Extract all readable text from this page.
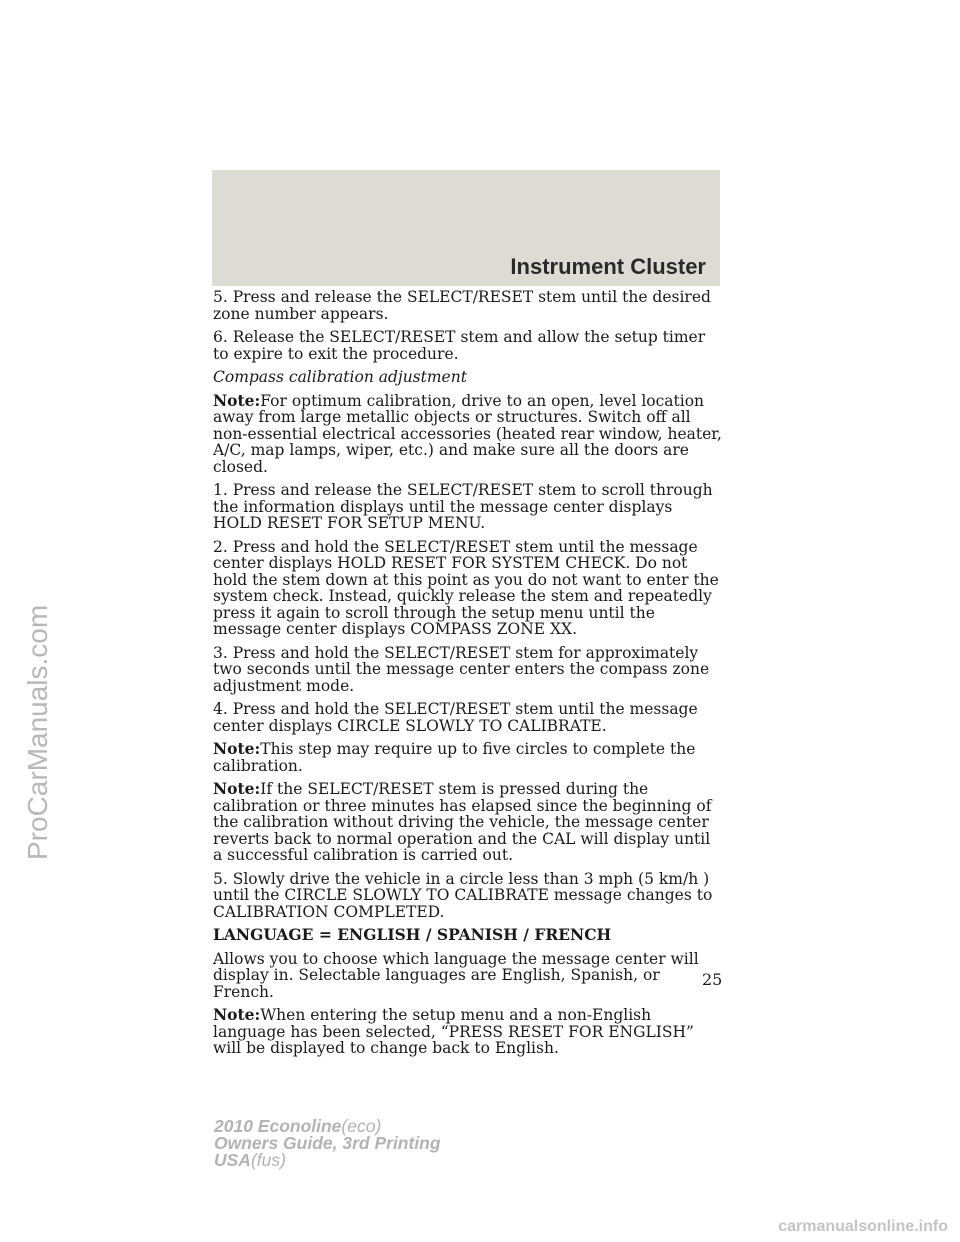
Instrument Cluster

5. Press and release the SELECT/RESET stem until the desired zone number appears.

6. Release the SELECT/RESET stem and allow the setup timer to expire to exit the procedure.

Compass calibration adjustment

Note:For optimum calibration, drive to an open, level location away from large metallic objects or structures. Switch off all non-essential electrical accessories (heated rear window, heater, A/C, map lamps, wiper, etc.) and make sure all the doors are closed.

1. Press and release the SELECT/RESET stem to scroll through the information displays until the message center displays HOLD RESET FOR SETUP MENU.

2. Press and hold the SELECT/RESET stem until the message center displays HOLD RESET FOR SYSTEM CHECK. Do not hold the stem down at this point as you do not want to enter the system check. Instead, quickly release the stem and repeatedly press it again to scroll through the setup menu until the message center displays COMPASS ZONE XX.

3. Press and hold the SELECT/RESET stem for approximately two seconds until the message center enters the compass zone adjustment mode.

4. Press and hold the SELECT/RESET stem until the message center displays CIRCLE SLOWLY TO CALIBRATE.

Note:This step may require up to five circles to complete the calibration.

Note:If the SELECT/RESET stem is pressed during the calibration or three minutes has elapsed since the beginning of the calibration without driving the vehicle, the message center reverts back to normal operation and the CAL will display until a successful calibration is carried out.

5. Slowly drive the vehicle in a circle less than 3 mph (5 km/h ) until the CIRCLE SLOWLY TO CALIBRATE message changes to CALIBRATION COMPLETED.

LANGUAGE = ENGLISH / SPANISH / FRENCH

Allows you to choose which language the message center will display in. Selectable languages are English, Spanish, or French.

Note:When entering the setup menu and a non-English language has been selected, “PRESS RESET FOR ENGLISH” will be displayed to change back to English.

25
2010 Econoline(eco)
Owners Guide, 3rd Printing
USA(fus)
ProCarManuals.com
carmanualsonline.info
